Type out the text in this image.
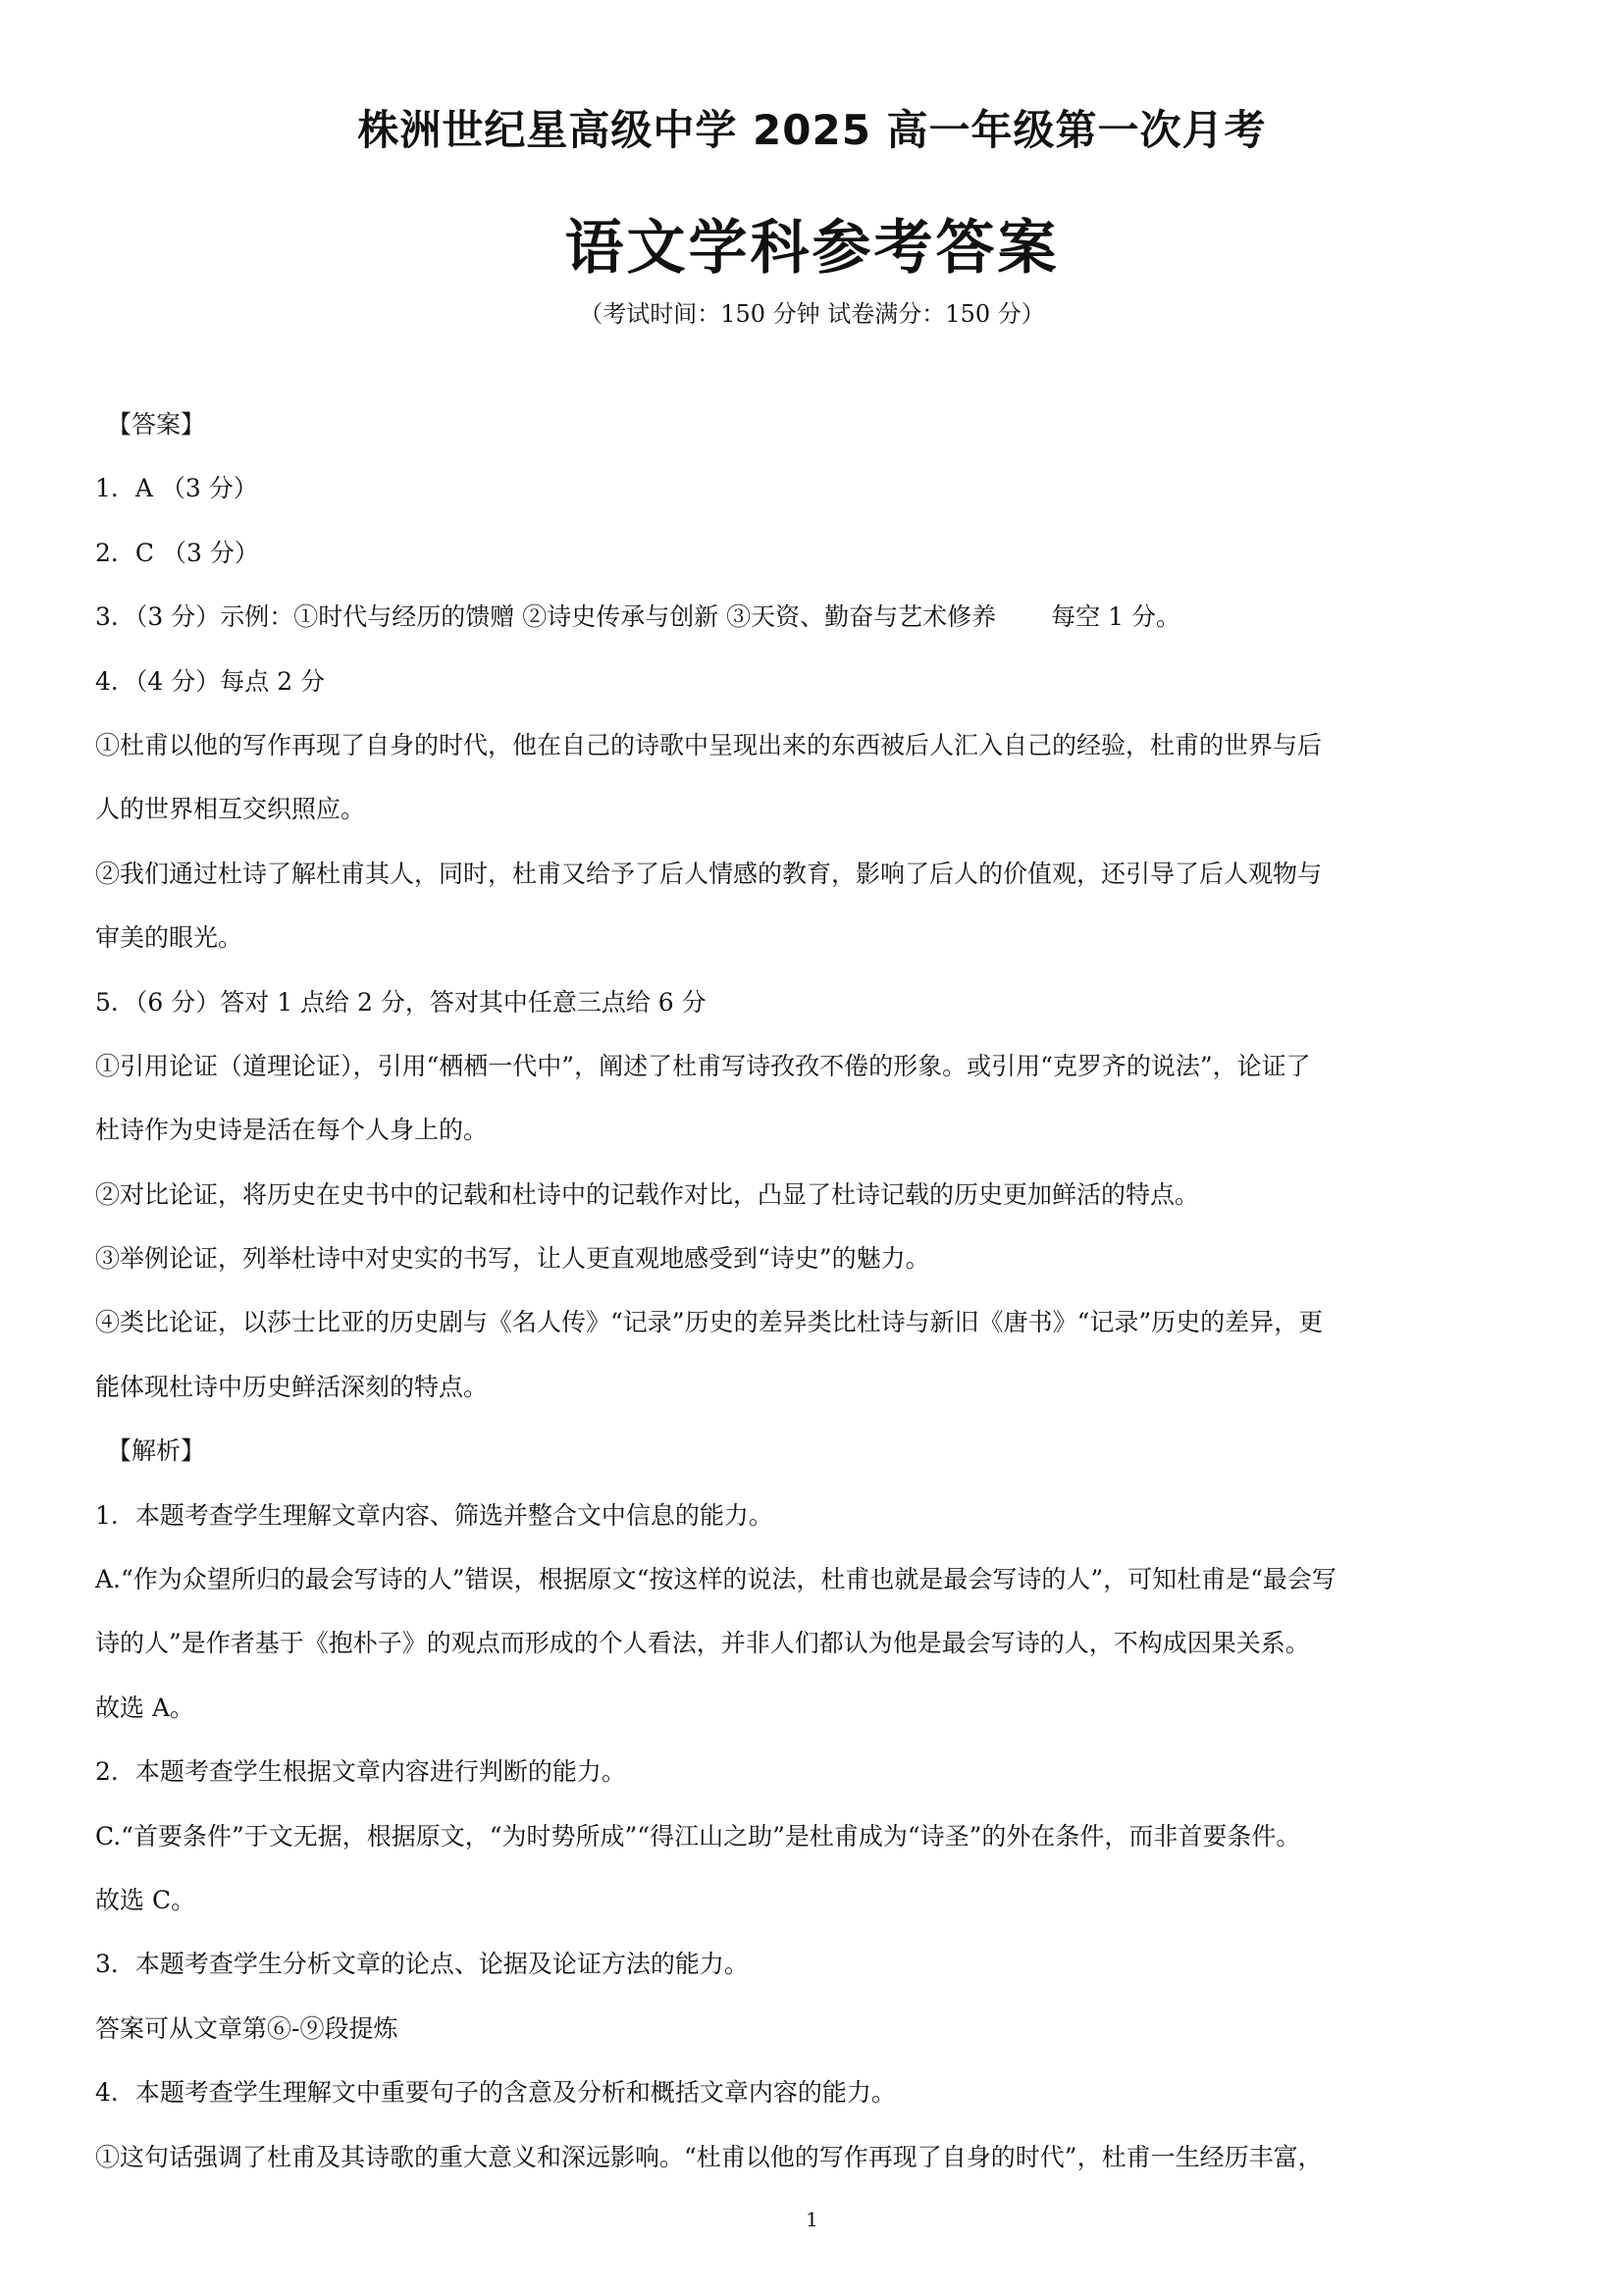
株洲世纪星高级中学 2025 高一年级第一次月考
语文学科参考答案
（考试时间：150 分钟 试卷满分：150 分）
【答案】
1．A （3 分）
2．C （3 分）
3．（3 分）示例：①时代与经历的馈赠 ②诗史传承与创新 ③天资、勤奋与艺术修养 每空 1 分。
4．（4 分）每点 2 分
①杜甫以他的写作再现了自身的时代，他在自己的诗歌中呈现出来的东西被后人汇入自己的经验，杜甫的世界与后
人的世界相互交织照应。
②我们通过杜诗了解杜甫其人，同时，杜甫又给予了后人情感的教育，影响了后人的价值观，还引导了后人观物与
审美的眼光。
5．（6 分）答对 1 点给 2 分，答对其中任意三点给 6 分
①引用论证（道理论证），引用“栖栖一代中”，阐述了杜甫写诗孜孜不倦的形象。或引用“克罗齐的说法”，论证了
杜诗作为史诗是活在每个人身上的。
②对比论证，将历史在史书中的记载和杜诗中的记载作对比，凸显了杜诗记载的历史更加鲜活的特点。
③举例论证，列举杜诗中对史实的书写，让人更直观地感受到“诗史”的魅力。
④类比论证，以莎士比亚的历史剧与《名人传》“记录”历史的差异类比杜诗与新旧《唐书》“记录”历史的差异，更
能体现杜诗中历史鲜活深刻的特点。
【解析】
1．本题考查学生理解文章内容、筛选并整合文中信息的能力。
A.“作为众望所归的最会写诗的人”错误，根据原文“按这样的说法，杜甫也就是最会写诗的人”，可知杜甫是“最会写
诗的人”是作者基于《抱朴子》的观点而形成的个人看法，并非人们都认为他是最会写诗的人，不构成因果关系。
故选 A。
2．本题考查学生根据文章内容进行判断的能力。
C.“首要条件”于文无据，根据原文，“为时势所成”“得江山之助”是杜甫成为“诗圣”的外在条件，而非首要条件。
故选 C。
3．本题考查学生分析文章的论点、论据及论证方法的能力。
答案可从文章第⑥-⑨段提炼
4．本题考查学生理解文中重要句子的含意及分析和概括文章内容的能力。
①这句话强调了杜甫及其诗歌的重大意义和深远影响。“杜甫以他的写作再现了自身的时代”，杜甫一生经历丰富，
1
